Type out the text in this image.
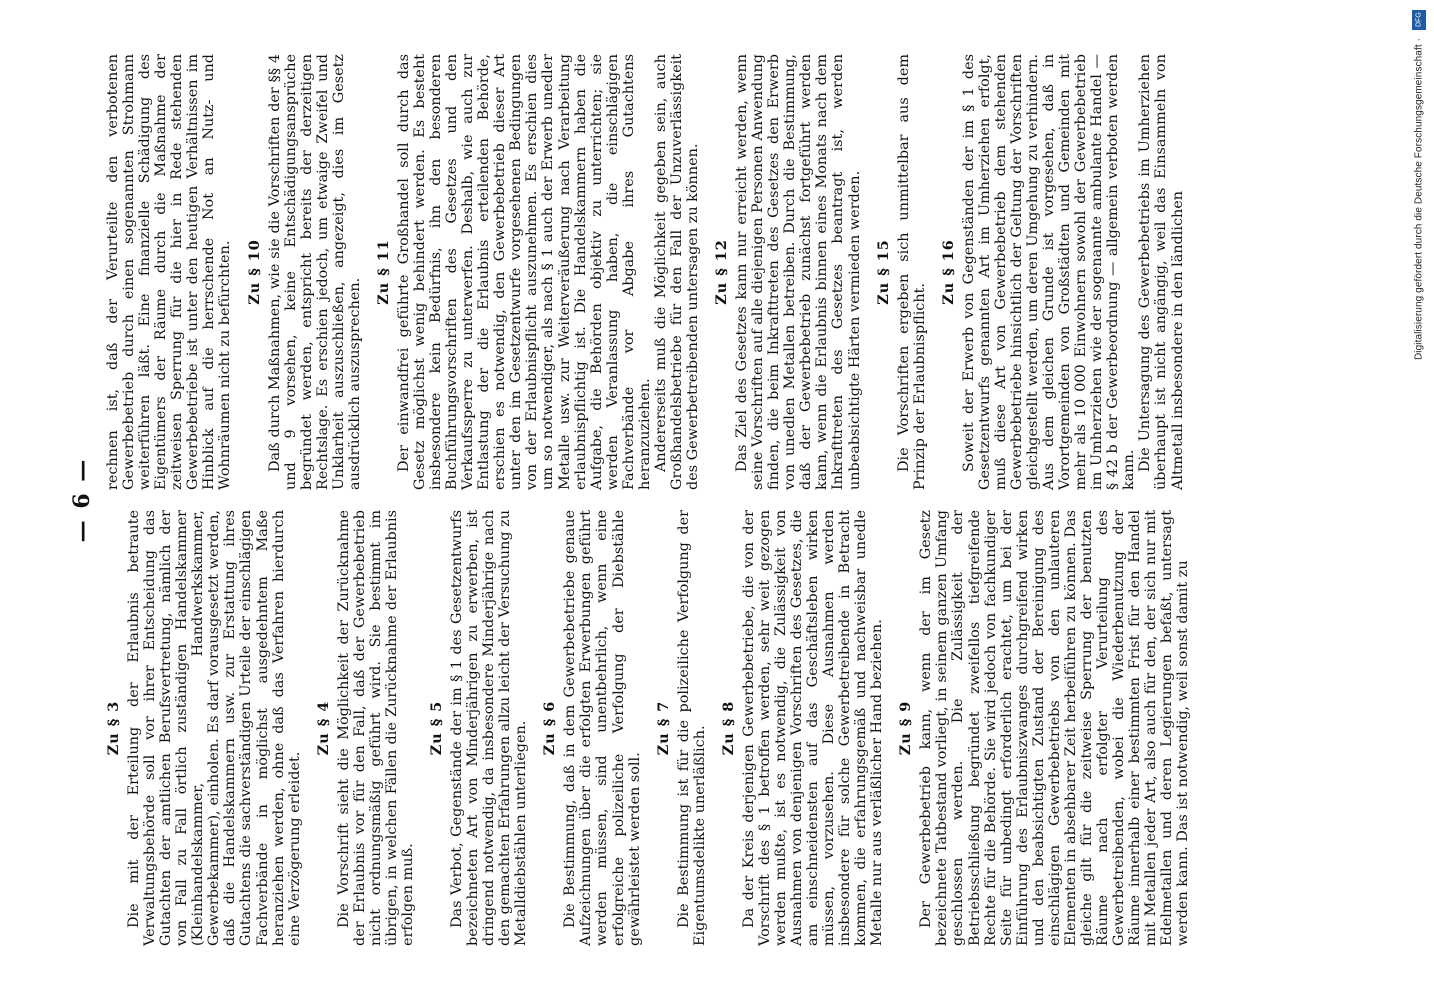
— 6 —
Zu § 3 Die mit der Erteilung der Erlaubnis betraute Verwaltungsbehörde soll vor ihrer Entscheidung das Gutachten der amtlichen Berufsvertretung, nämlich der von Fall zu Fall örtlich zuständigen Handelskammer (Kleinhandelskammer, Handwerkskammer, Gewerbekammer), einholen. Es darf vorausgesetzt werden, daß die Handelskammern usw. zur Erstattung ihres Gutachtens die sachverständigen Urteile der einschlägigen Fachverbände in möglichst ausgedehntem Maße heranziehen werden, ohne daß das Verfahren hierdurch eine Verzögerung erleidet.
Zu § 4 Die Vorschrift sieht die Möglichkeit der Zurücknahme der Erlaubnis vor für den Fall, daß der Gewerbebetrieb nicht ordnungsmäßig geführt wird. Sie bestimmt im übrigen, in welchen Fällen die Zurücknahme der Erlaubnis erfolgen muß.
Zu § 5 Das Verbot, Gegenstände der im § 1 des Gesetzentwurfs bezeichneten Art von Minderjährigen zu erwerben, ist dringend notwendig, da insbesondere Minderjährige nach den gemachten Erfahrungen allzu leicht der Versuchung zu Metalldiebstählen unterliegen. Zu § 6 Die Bestimmung, daß in dem Gewerbebetriebe genaue Aufzeichnungen über die erfolgten Erwerbungen geführt werden müssen, sind unentbehrlich, wenn eine erfolgreiche polizeiliche Verfolgung der Diebstähle gewährleistet werden soll.
Zu § 7 Die Bestimmung ist für die polizeiliche Verfolgung der Eigentumsdelikte unerläßlich. Zu § 8 Da der Kreis derjenigen Gewerbebetriebe, die von der Vorschrift des § 1 betroffen werden, sehr weit gezogen werden mußte, ist es notwendig, die Zulässigkeit von Ausnahmen von denjenigen Vorschriften des Gesetzes, die am einschneidensten auf das Geschäftsleben wirken müssen, vorzusehen. Diese Ausnahmen werden insbesondere für solche Gewerbetreibende in Betracht kommen, die erfahrungsgemäß und nachweisbar unedle Metalle nur aus verläßlicher Hand beziehen. Zu § 9 Der Gewerbebetrieb kann, wenn der im Gesetz bezeichnete Tatbestand vorliegt, in seinem ganzen Umfang geschlossen werden. Die Zulässigkeit der Betriebsschließung begründet zweifellos tiefgreifende Rechte für die Behörde. Sie wird jedoch von fachkundiger Seite für unbedingt erforderlich erachtet, um bei der Einführung des Erlaubniszwanges durchgreifend wirken und den beabsichtigten Zustand der Bereinigung des einschlägigen Gewerbebetriebs von den unlauteren Elementen in absehbarer Zeit herbeiführen zu können. Das gleiche gilt für die zeitweise Sperrung der benutzten Räume nach erfolgter Verurteilung des Gewerbetreibenden, wobei die Wiederbenutzung der Räume innerhalb einer bestimmten Frist für den Handel mit Metallen jeder Art, also auch für den, der sich nur mit Edelmetallen und deren Legierungen befaßt, untersagt werden kann. Das ist notwendig, weil sonst damit zu
rechnen ist, daß der Verurteilte den verbotenen Gewerbebetrieb durch einen sogenannten Strohmann weiterführen läßt. Eine finanzielle Schädigung des Eigentümers der Räume durch die Maßnahme der zeitweisen Sperrung für die hier in Rede stehenden Gewerbebetriebe ist unter den heutigen Verhältnissen im Hinblick auf die herrschende Not an Nutz- und Wohnräumen nicht zu befürchten. Zu § 10 Daß durch Maßnahmen, wie sie die Vorschriften der §§ 4 und 9 vorsehen, keine Entschädigungsansprüche begründet werden, entspricht bereits der derzeitigen Rechtslage. Es erschien jedoch, um etwaige Zweifel und Unklarheit auszuschließen, angezeigt, dies im Gesetz ausdrücklich auszusprechen.
Zu § 11 Der einwandfrei geführte Großhandel soll durch das Gesetz möglichst wenig behindert werden. Es besteht insbesondere kein Bedürfnis, ihn den besonderen Buchführungsvorschriften des Gesetzes und den Verkaufssperre zu unterwerfen. Deshalb, wie auch zur Entlastung der die Erlaubnis erteilenden Behörde, erschien es notwendig, den Gewerbebetrieb dieser Art unter den im Gesetzentwurfe vorgesehenen Bedingungen von der Erlaubnispflicht auszunehmen. Es erschien dies um so notwendiger, als nach § 1 auch der Erwerb unedler Metalle usw. zur Weiterveräußerung nach Verarbeitung erlaubnispflichtig ist. Die Handelskammern haben die Aufgabe, die Behörden objektiv zu unterrichten; sie werden Veranlassung haben, die einschlägigen Fachverbände vor Abgabe ihres Gutachtens heranzuziehen. Andererseits muß die Möglichkeit gegeben sein, auch Großhandelsbetriebe für den Fall der Unzuverlässigkeit des Gewerbetreibenden untersagen zu können. Zu § 12 Das Ziel des Gesetzes kann nur erreicht werden, wenn seine Vorschriften auf alle diejenigen Personen Anwendung finden, die beim Inkrafttreten des Gesetzes den Erwerb von unedlen Metallen betreiben. Durch die Bestimmung, daß der Gewerbebetrieb zunächst fortgeführt werden kann, wenn die Erlaubnis binnen eines Monats nach dem Inkrafttreten des Gesetzes beantragt ist, werden unbeabsichtigte Härten vermieden werden. Zu § 15 Die Vorschriften ergeben sich unmittelbar aus dem Prinzip der Erlaubnispflicht.
Zu § 16 Soweit der Erwerb von Gegenständen der im § 1 des Gesetzentwurfs genannten Art im Umherziehen erfolgt, muß diese Art von Gewerbebetrieb dem stehenden Gewerbebetriebe hinsichtlich der Geltung der Vorschriften gleichgestellt werden, um deren Umgehung zu verhindern. Aus dem gleichen Grunde ist vorgesehen, daß in Vorortgemeinden von Großstädten und Gemeinden mit mehr als 10 000 Einwohnern sowohl der Gewerbebetrieb im Umherziehen wie der sogenannte ambulante Handel — § 42 b der Gewerbeordnung — allgemein verboten werden kann. Die Untersagung des Gewerbebetriebs im Umherziehen überhaupt ist nicht angängig, weil das Einsammeln von Altmetall insbesondere in den ländlichen	Digitalisierung gefördert durch die Deutsche Forschungsgemeinschaft ·
DFG
